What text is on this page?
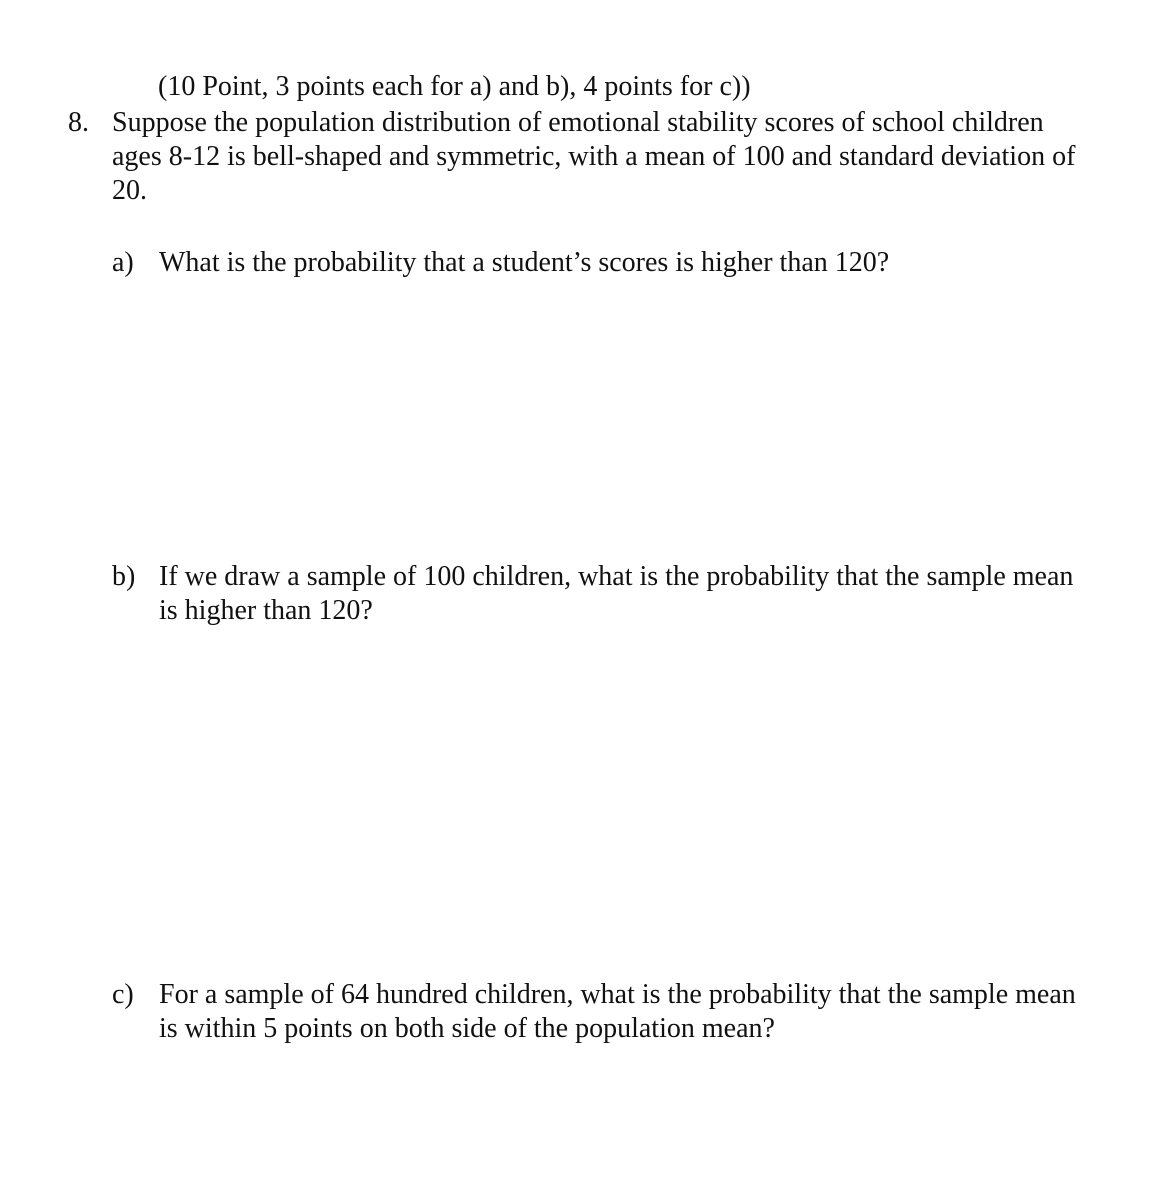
(10 Point, 3 points each for a) and b), 4 points for c))
8. Suppose the population distribution of emotional stability scores of school children
ages 8-12 is bell-shaped and symmetric, with a mean of 100 and standard deviation of
20.
a) What is the probability that a student’s scores is higher than 120?
b) If we draw a sample of 100 children, what is the probability that the sample mean
is higher than 120?
c) For a sample of 64 hundred children, what is the probability that the sample mean
is within 5 points on both side of the population mean?
